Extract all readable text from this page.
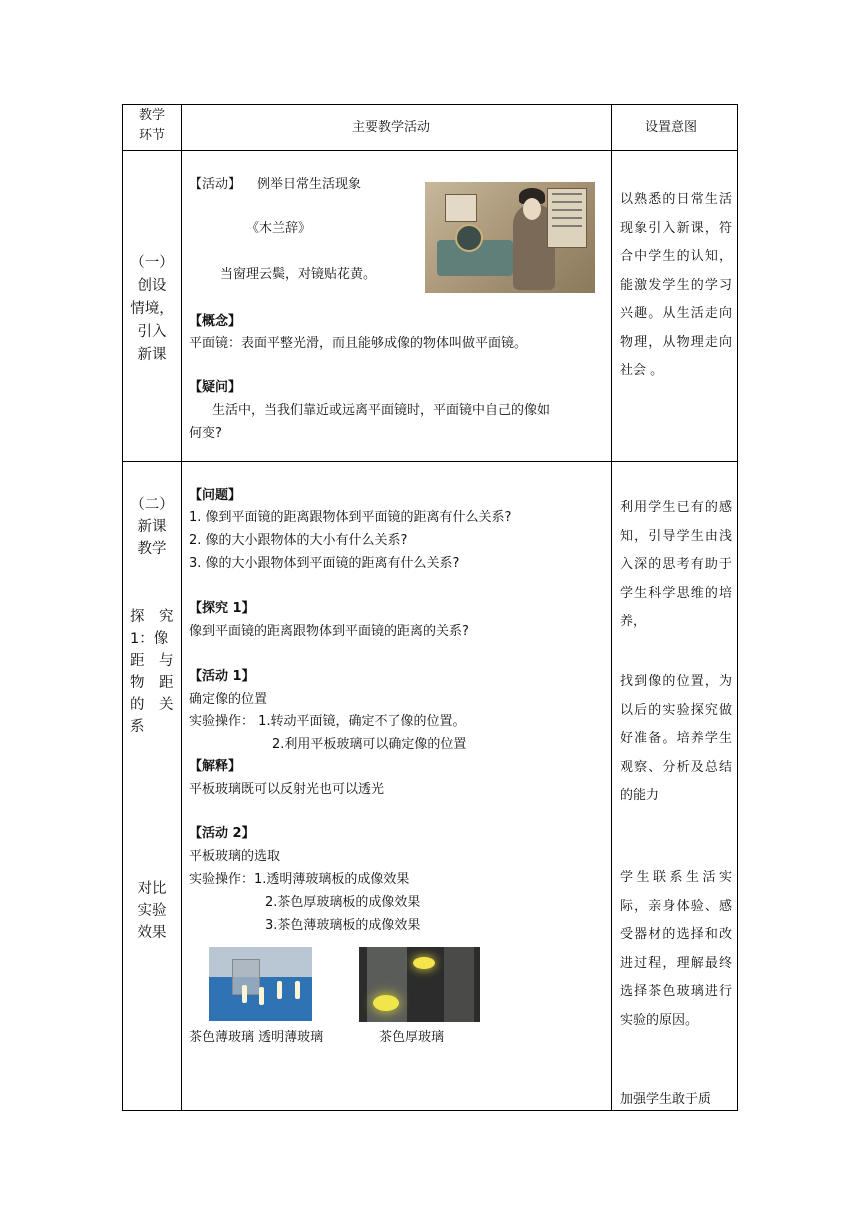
教学
环节
主要教学活动	设置意图
（一）
创设
情境，
引入
新课
【活动】 例举日常生活现象
《木兰辞》
当窗理云鬓，对镜贴花黄。
【概念】
平面镜：表面平整光滑，而且能够成像的物体叫做平面镜。
【疑问】
生活中，当我们靠近或远离平面镜时，平面镜中自己的像如
何变?
以熟悉的日常生活现象引入新课，符合中学生的认知，能激发学生的学习兴趣。从生活走向物理，从物理走向社会 。
（二）
新课
教学
探　究
1：像
距　与
物　距
的　关
系
对比
实验
效果
【问题】
1. 像到平面镜的距离跟物体到平面镜的距离有什么关系?
2. 像的大小跟物体的大小有什么关系?
3. 像的大小跟物体到平面镜的距离有什么关系?
【探究 1】
像到平面镜的距离跟物体到平面镜的距离的关系?
【活动 1】
确定像的位置
实验操作： 1.转动平面镜，确定不了像的位置。
2.利用平板玻璃可以确定像的位置
【解释】
平板玻璃既可以反射光也可以透光
【活动 2】
平板玻璃的选取
实验操作：1.透明薄玻璃板的成像效果
2.茶色厚玻璃板的成像效果
3.茶色薄玻璃板的成像效果
茶色薄玻璃 透明薄玻璃	茶色厚玻璃
利用学生已有的感知，引导学生由浅入深的思考有助于学生科学思维的培养，
找到像的位置，为以后的实验探究做好准备。培养学生观察、分析及总结的能力
学生联系生活实际，亲身体验、感受器材的选择和改进过程，理解最终选择茶色玻璃进行实验的原因。
加强学生敢于质
